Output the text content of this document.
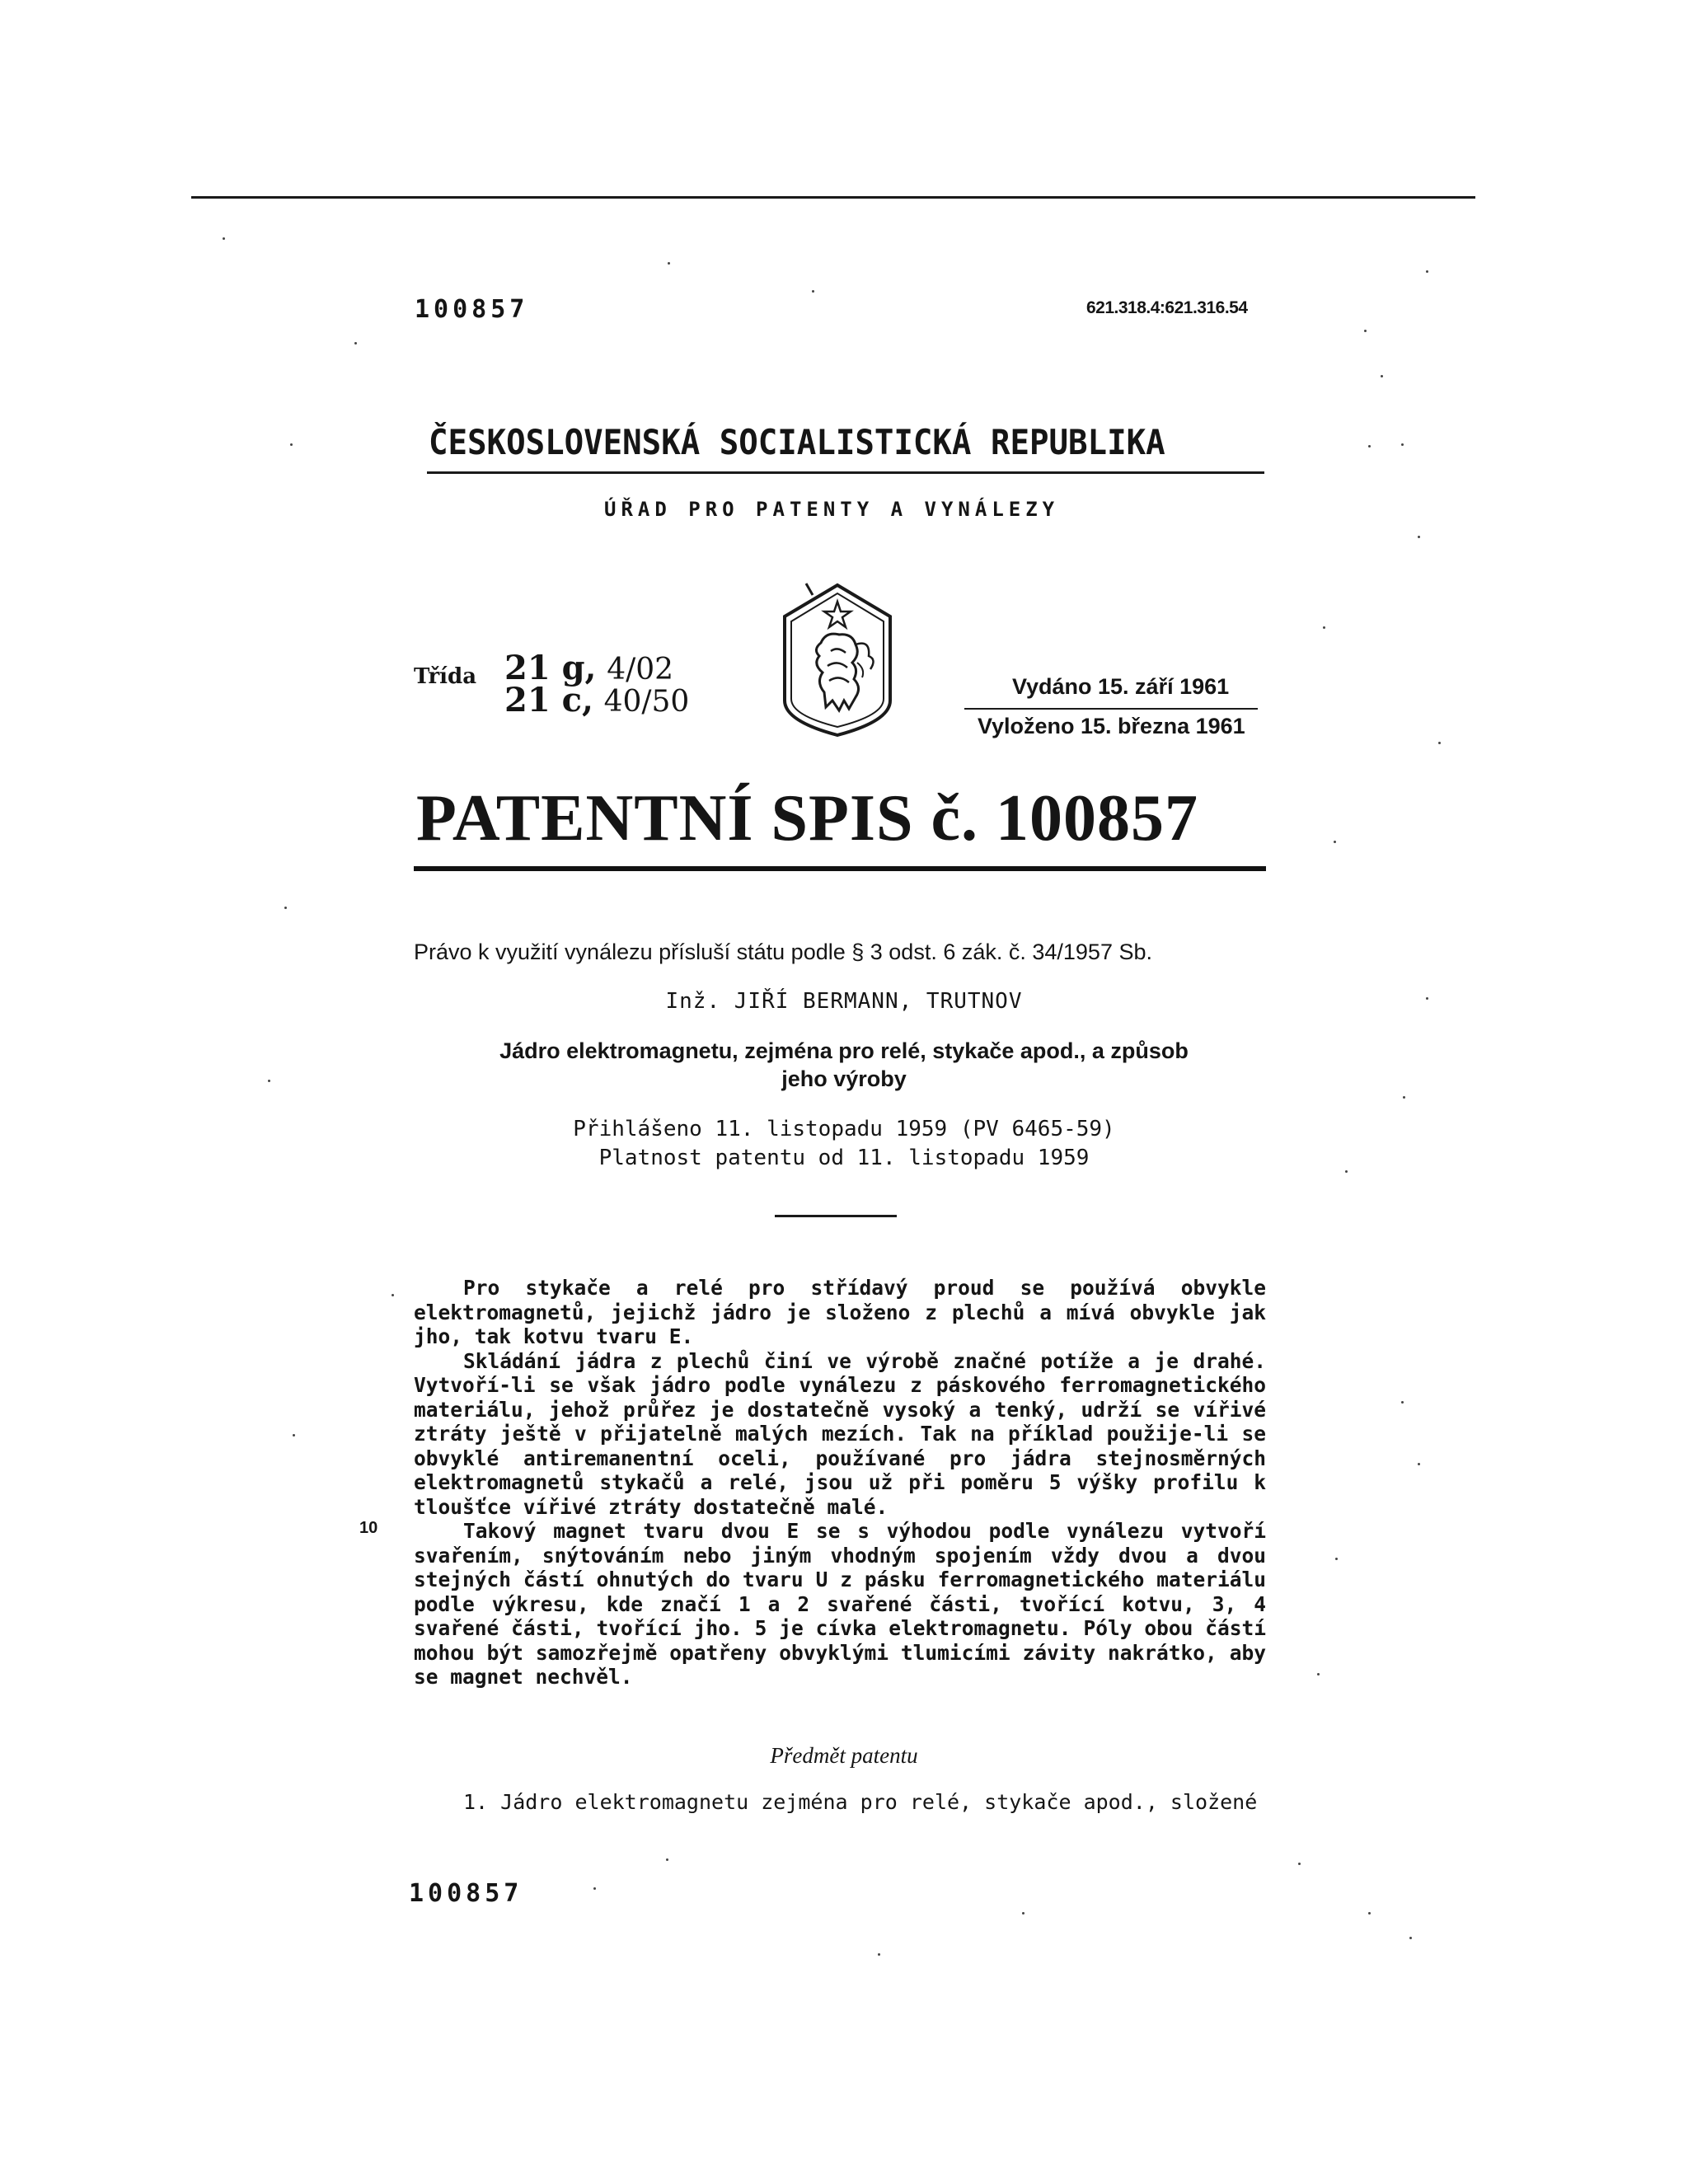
100857	621.318.4:621.316.54
ČESKOSLOVENSKÁ SOCIALISTICKÁ REPUBLIKA
ÚŘAD PRO PATENTY A VYNÁLEZY
Třída 21 g, 4/02
21 c, 40/50	Vydáno 15. září 1961
Vyloženo 15. března 1961
PATENTNÍ SPIS č. 100857
Právo k využití vynálezu přísluší státu podle § 3 odst. 6 zák. č. 34/1957 Sb.
Inž. JIŘÍ BERMANN, TRUTNOV
Jádro elektromagnetu, zejména pro relé, stykače apod., a způsob
jeho výroby
Přihlášeno 11. listopadu 1959 (PV 6465-59)
Platnost patentu od 11. listopadu 1959

Pro stykače a relé pro střídavý proud se používá obvykle elektromagnetů, jejichž jádro je složeno z plechů a mívá obvykle jak jho, tak kotvu tvaru E.

Skládání jádra z plechů činí ve výrobě značné potíže a je drahé. Vytvoří-li se však jádro podle vynálezu z páskového ferromagnetického materiálu, jehož průřez je dostatečně vysoký a tenký, udrží se vířivé ztráty ještě v přijatelně malých mezích. Tak na příklad použije-li se obvyklé antiremanentní oceli, používané pro jádra stejnosměrných elektromagnetů stykačů a relé, jsou už při poměru 5 výšky profilu k tloušťce vířivé ztráty dostatečně malé.

Takový magnet tvaru dvou E se s výhodou podle vynálezu vytvoří svařením, snýtováním nebo jiným vhodným spojením vždy dvou a dvou stejných částí ohnutých do tvaru U z pásku ferromagnetického materiálu podle výkresu, kde značí 1 a 2 svařené části, tvořící kotvu, 3, 4 svařené části, tvořící jho. 5 je cívka elektromagnetu. Póly obou částí mohou být samozřejmě opatřeny obvyklými tlumicími závity nakrátko, aby se magnet nechvěl.

10
Předmět patentu
1. Jádro elektromagnetu zejména pro relé, stykače apod., složené
100857
